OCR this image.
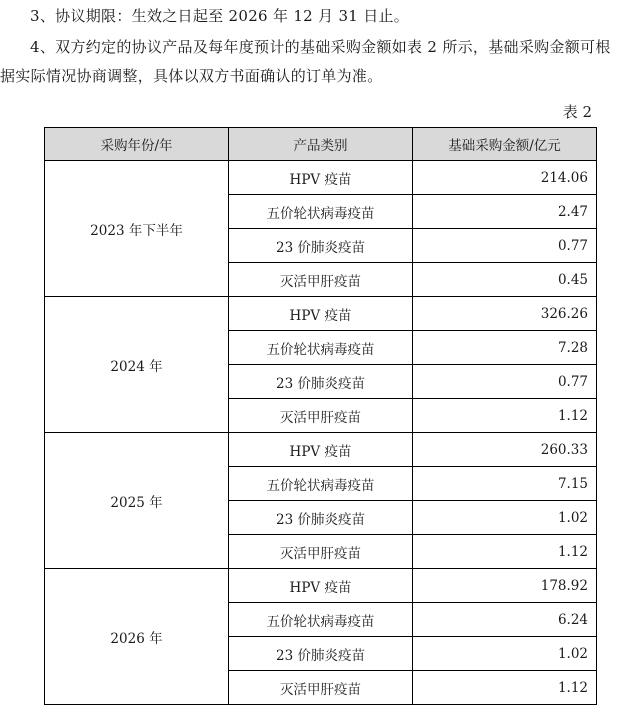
3、协议期限：生效之日起至 2026 年 12 月 31 日止。

4、双方约定的协议产品及每年度预计的基础采购金额如表 2 所示，基础采购金额可根据实际情况协商调整，具体以双方书面确认的订单为准。

表 2
采购年份/年	产品类别	基础采购金额/亿元
2023 年下半年	HPV 疫苗	214.06
	五价轮状病毒疫苗	2.47
	23 价肺炎疫苗	0.77
	灭活甲肝疫苗	0.45
2024 年	HPV 疫苗	326.26
	五价轮状病毒疫苗	7.28
	23 价肺炎疫苗	0.77
	灭活甲肝疫苗	1.12
2025 年	HPV 疫苗	260.33
	五价轮状病毒疫苗	7.15
	23 价肺炎疫苗	1.02
	灭活甲肝疫苗	1.12
2026 年	HPV 疫苗	178.92
	五价轮状病毒疫苗	6.24
	23 价肺炎疫苗	1.02
	灭活甲肝疫苗	1.12
